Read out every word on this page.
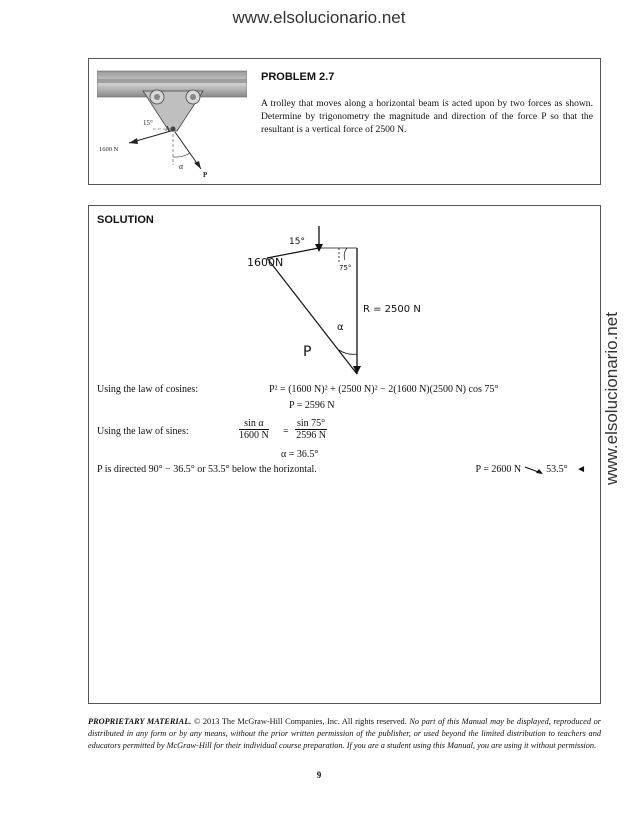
www.elsolucionario.net
www.elsolucionario.net
15°
A
1600 N
α
P
PROBLEM 2.7
A trolley that moves along a horizontal beam is acted upon by two forces as shown. Determine by trigonometry the magnitude and direction of the force P so that the resultant is a vertical force of 2500 N.
SOLUTION
1600N
15°
75°
R = 2500 N
α
P
Using the law of cosines:	P² = (1600 N)² + (2500 N)² − 2(1600 N)(2500 N) cos 75°
P = 2596 N
Using the law of sines:	$\frac{\text{sin α}}{1600 N} = \frac{\sin 75^\circ}{2596 N}$
α = 36.5°
P is directed 90° − 36.5° or 53.5° below the horizontal.	P = 2600 N	53.5° ◄
PROPRIETARY MATERIAL. © 2013 The McGraw-Hill Companies, Inc. All rights reserved. No part of this Manual may be displayed, reproduced or distributed in any form or by any means, without the prior written permission of the publisher, or used beyond the limited distribution to teachers and educators permitted by McGraw-Hill for their individual course preparation. If you are a student using this Manual, you are using it without permission.
9
